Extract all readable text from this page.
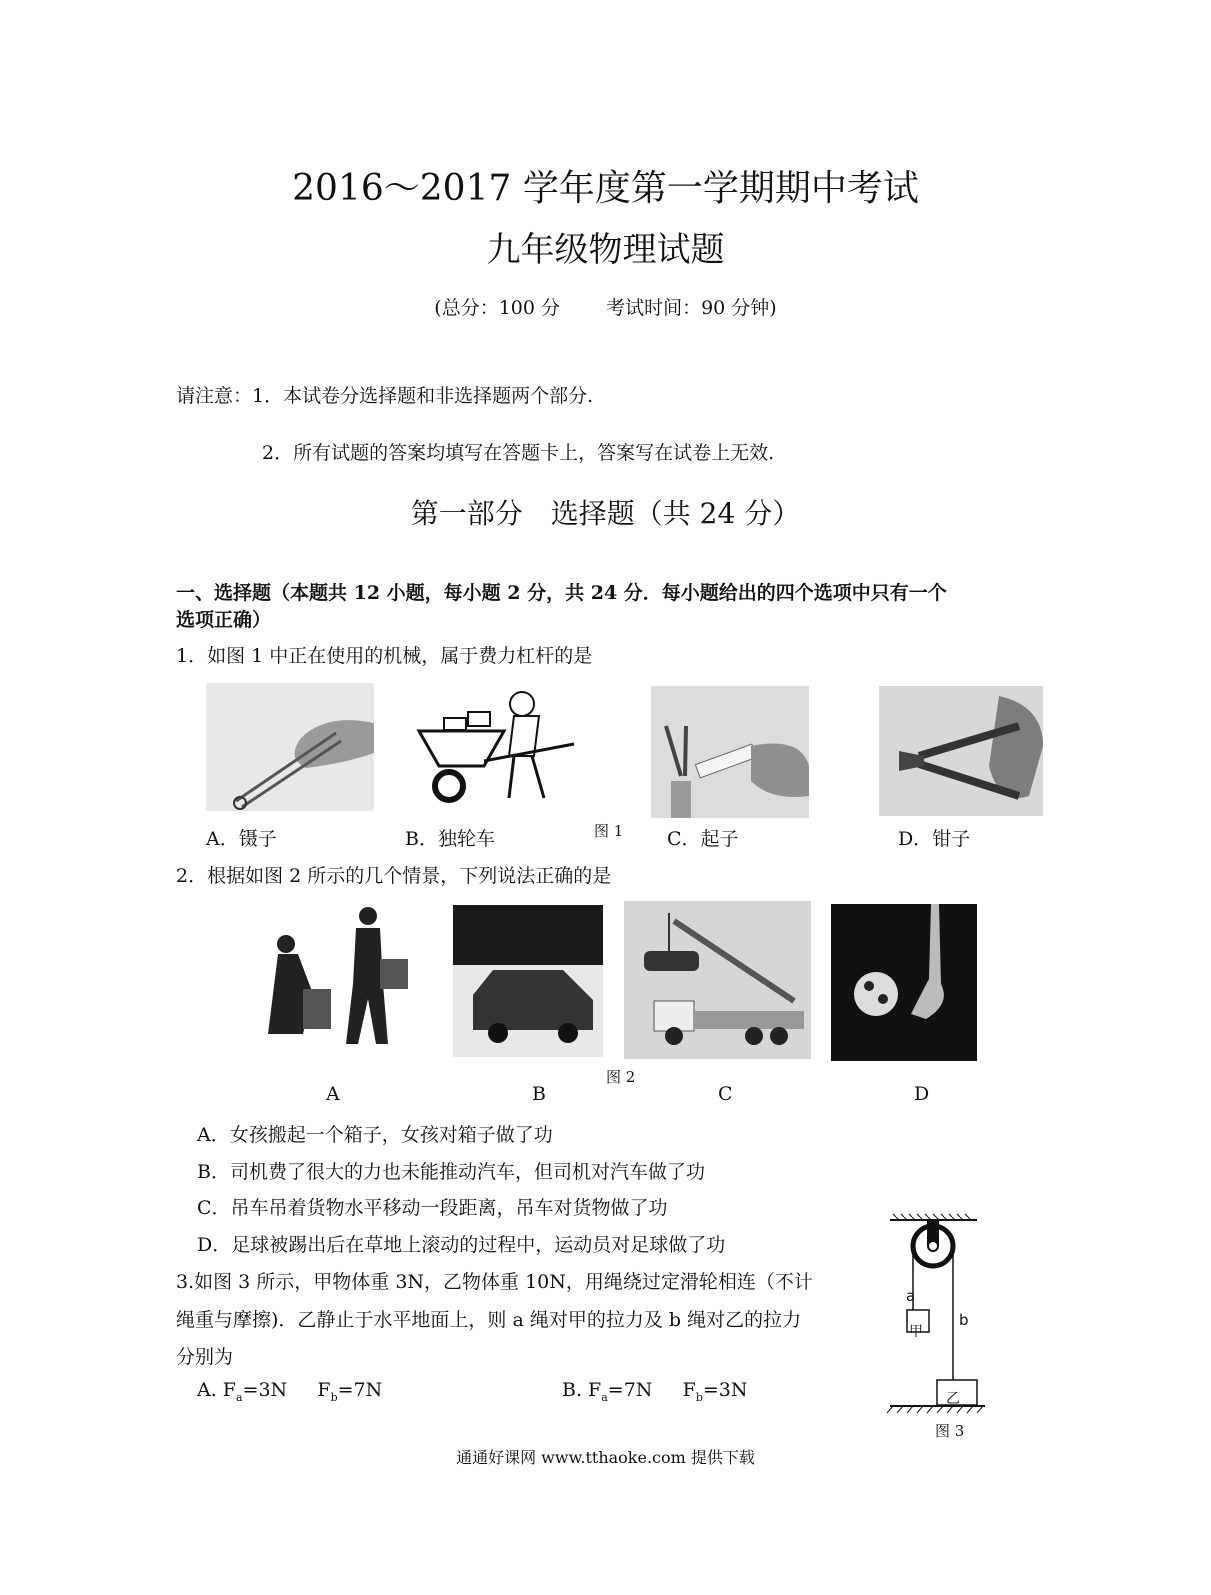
2016～2017 学年度第一学期期中考试
九年级物理试题
(总分：100 分 考试时间：90 分钟)
请注意：1．本试卷分选择题和非选择题两个部分.
2．所有试题的答案均填写在答题卡上，答案写在试卷上无效.
第一部分　选择题（共 24 分）
一、选择题（本题共 12 小题，每小题 2 分，共 24 分．每小题给出的四个选项中只有一个
选项正确）
1．如图 1 中正在使用的机械，属于费力杠杆的是
A．镊子	B．独轮车	图 1 C．起子	D．钳子
2．根据如图 2 所示的几个情景，下列说法正确的是
A	B
图 2
C	D
A．女孩搬起一个箱子，女孩对箱子做了功
B．司机费了很大的力也未能推动汽车，但司机对汽车做了功
C．吊车吊着货物水平移动一段距离，吊车对货物做了功
D．足球被踢出后在草地上滚动的过程中，运动员对足球做了功
3.如图 3 所示，甲物体重 3N，乙物体重 10N，用绳绕过定滑轮相连（不计
绳重与摩擦)．乙静止于水平地面上，则 a 绳对甲的拉力及 b 绳对乙的拉力
分别为
A. $F_a=3N$ $F_b=7N$	B. $F_a=7N$ $F_b=3N$
a
b
甲
乙
图 3
通通好课网 www.tthaoke.com 提供下载
